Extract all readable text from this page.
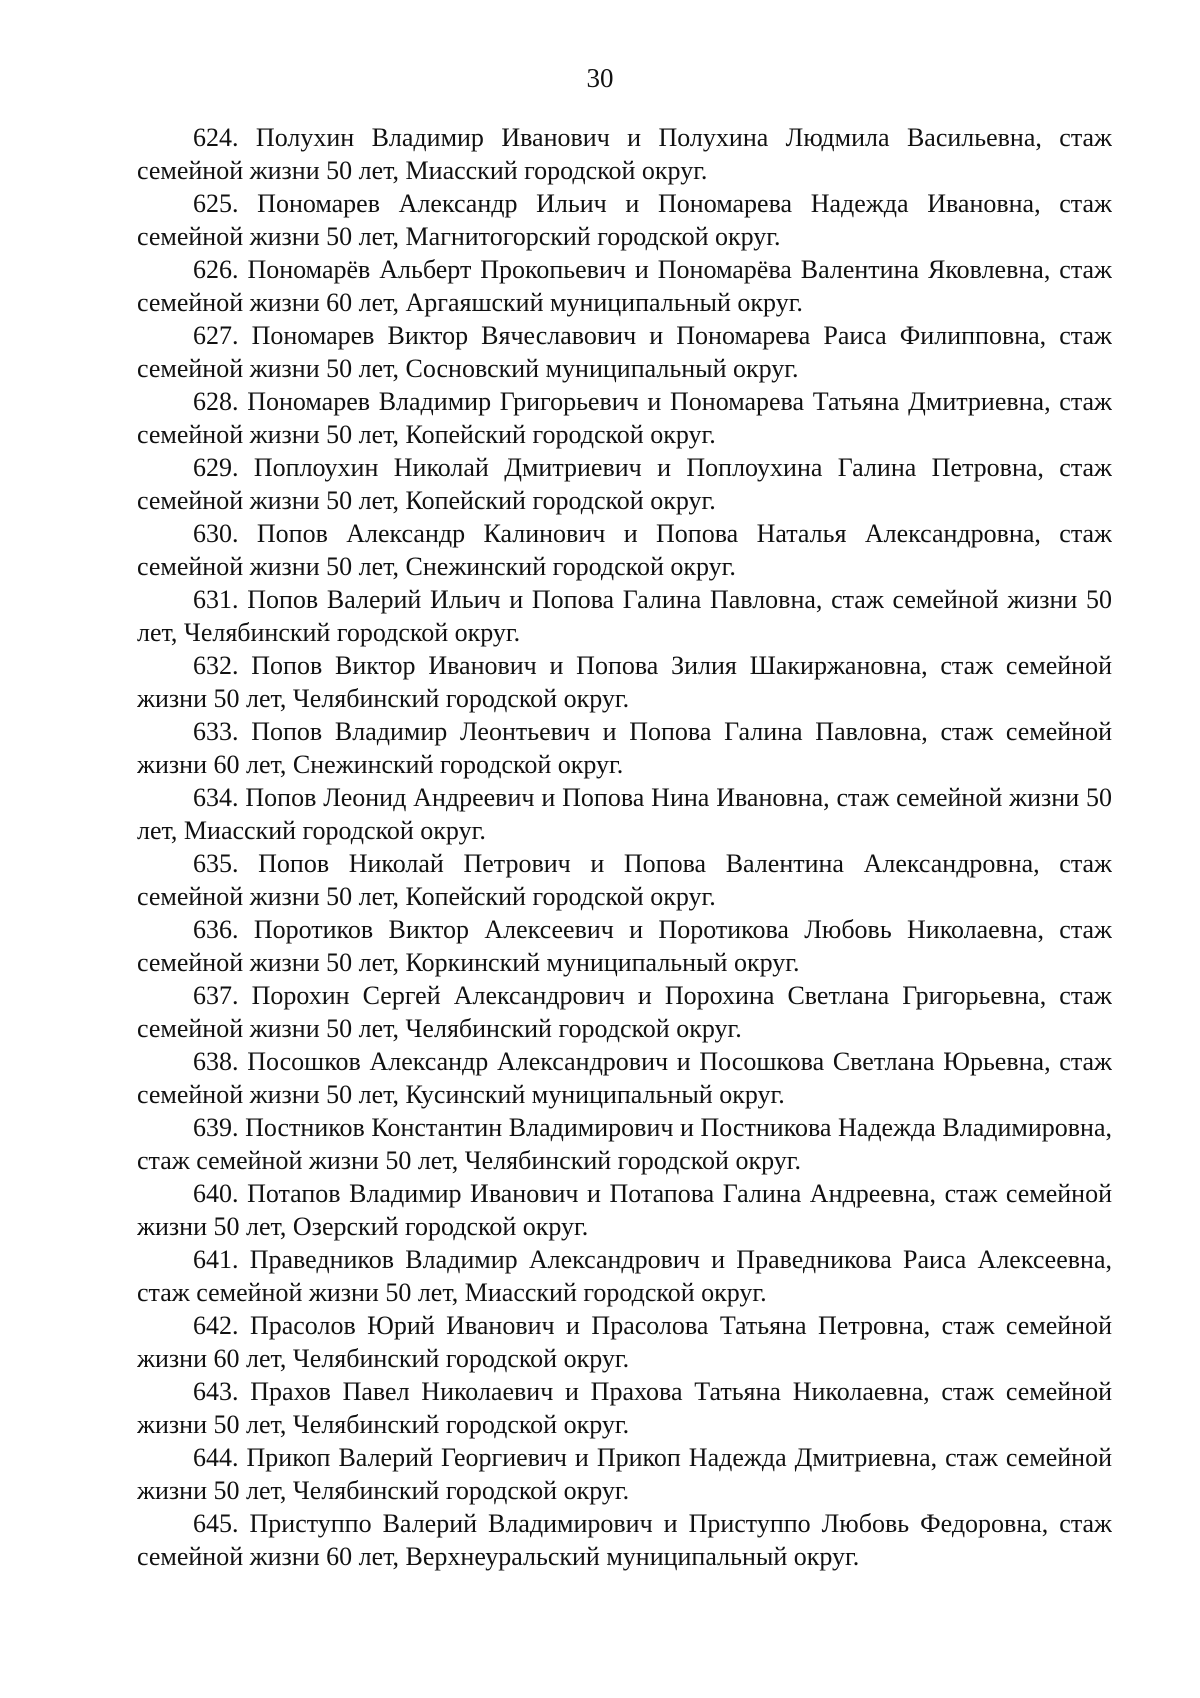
30

624. Полухин Владимир Иванович и Полухина Людмила Васильевна, стаж семейной жизни 50 лет, Миасский городской округ.

625. Пономарев Александр Ильич и Пономарева Надежда Ивановна, стаж семейной жизни 50 лет, Магнитогорский городской округ.

626. Пономарёв Альберт Прокопьевич и Пономарёва Валентина Яковлевна, стаж семейной жизни 60 лет, Аргаяшский муниципальный округ.

627. Пономарев Виктор Вячеславович и Пономарева Раиса Филипповна, стаж семейной жизни 50 лет, Сосновский муниципальный округ.

628. Пономарев Владимир Григорьевич и Пономарева Татьяна Дмитриевна, стаж семейной жизни 50 лет, Копейский городской округ.

629. Поплоухин Николай Дмитриевич и Поплоухина Галина Петровна, стаж семейной жизни 50 лет, Копейский городской округ.

630. Попов Александр Калинович и Попова Наталья Александровна, стаж семейной жизни 50 лет, Снежинский городской округ.

631. Попов Валерий Ильич и Попова Галина Павловна, стаж семейной жизни 50 лет, Челябинский городской округ.

632. Попов Виктор Иванович и Попова Зилия Шакиржановна, стаж семейной жизни 50 лет, Челябинский городской округ.

633. Попов Владимир Леонтьевич и Попова Галина Павловна, стаж семейной жизни 60 лет, Снежинский городской округ.

634. Попов Леонид Андреевич и Попова Нина Ивановна, стаж семейной жизни 50 лет, Миасский городской округ.

635. Попов Николай Петрович и Попова Валентина Александровна, стаж семейной жизни 50 лет, Копейский городской округ.

636. Поротиков Виктор Алексеевич и Поротикова Любовь Николаевна, стаж семейной жизни 50 лет, Коркинский муниципальный округ.

637. Порохин Сергей Александрович и Порохина Светлана Григорьевна, стаж семейной жизни 50 лет, Челябинский городской округ.

638. Посошков Александр Александрович и Посошкова Светлана Юрьевна, стаж семейной жизни 50 лет, Кусинский муниципальный округ.

639. Постников Константин Владимирович и Постникова Надежда Владимировна, стаж семейной жизни 50 лет, Челябинский городской округ.

640. Потапов Владимир Иванович и Потапова Галина Андреевна, стаж семейной жизни 50 лет, Озерский городской округ.

641. Праведников Владимир Александрович и Праведникова Раиса Алексеевна, стаж семейной жизни 50 лет, Миасский городской округ.

642. Прасолов Юрий Иванович и Прасолова Татьяна Петровна, стаж семейной жизни 60 лет, Челябинский городской округ.

643. Прахов Павел Николаевич и Прахова Татьяна Николаевна, стаж семейной жизни 50 лет, Челябинский городской округ.

644. Прикоп Валерий Георгиевич и Прикоп Надежда Дмитриевна, стаж семейной жизни 50 лет, Челябинский городской округ.

645. Приступпо Валерий Владимирович и Приступпо Любовь Федоровна, стаж семейной жизни 60 лет, Верхнеуральский муниципальный округ.
